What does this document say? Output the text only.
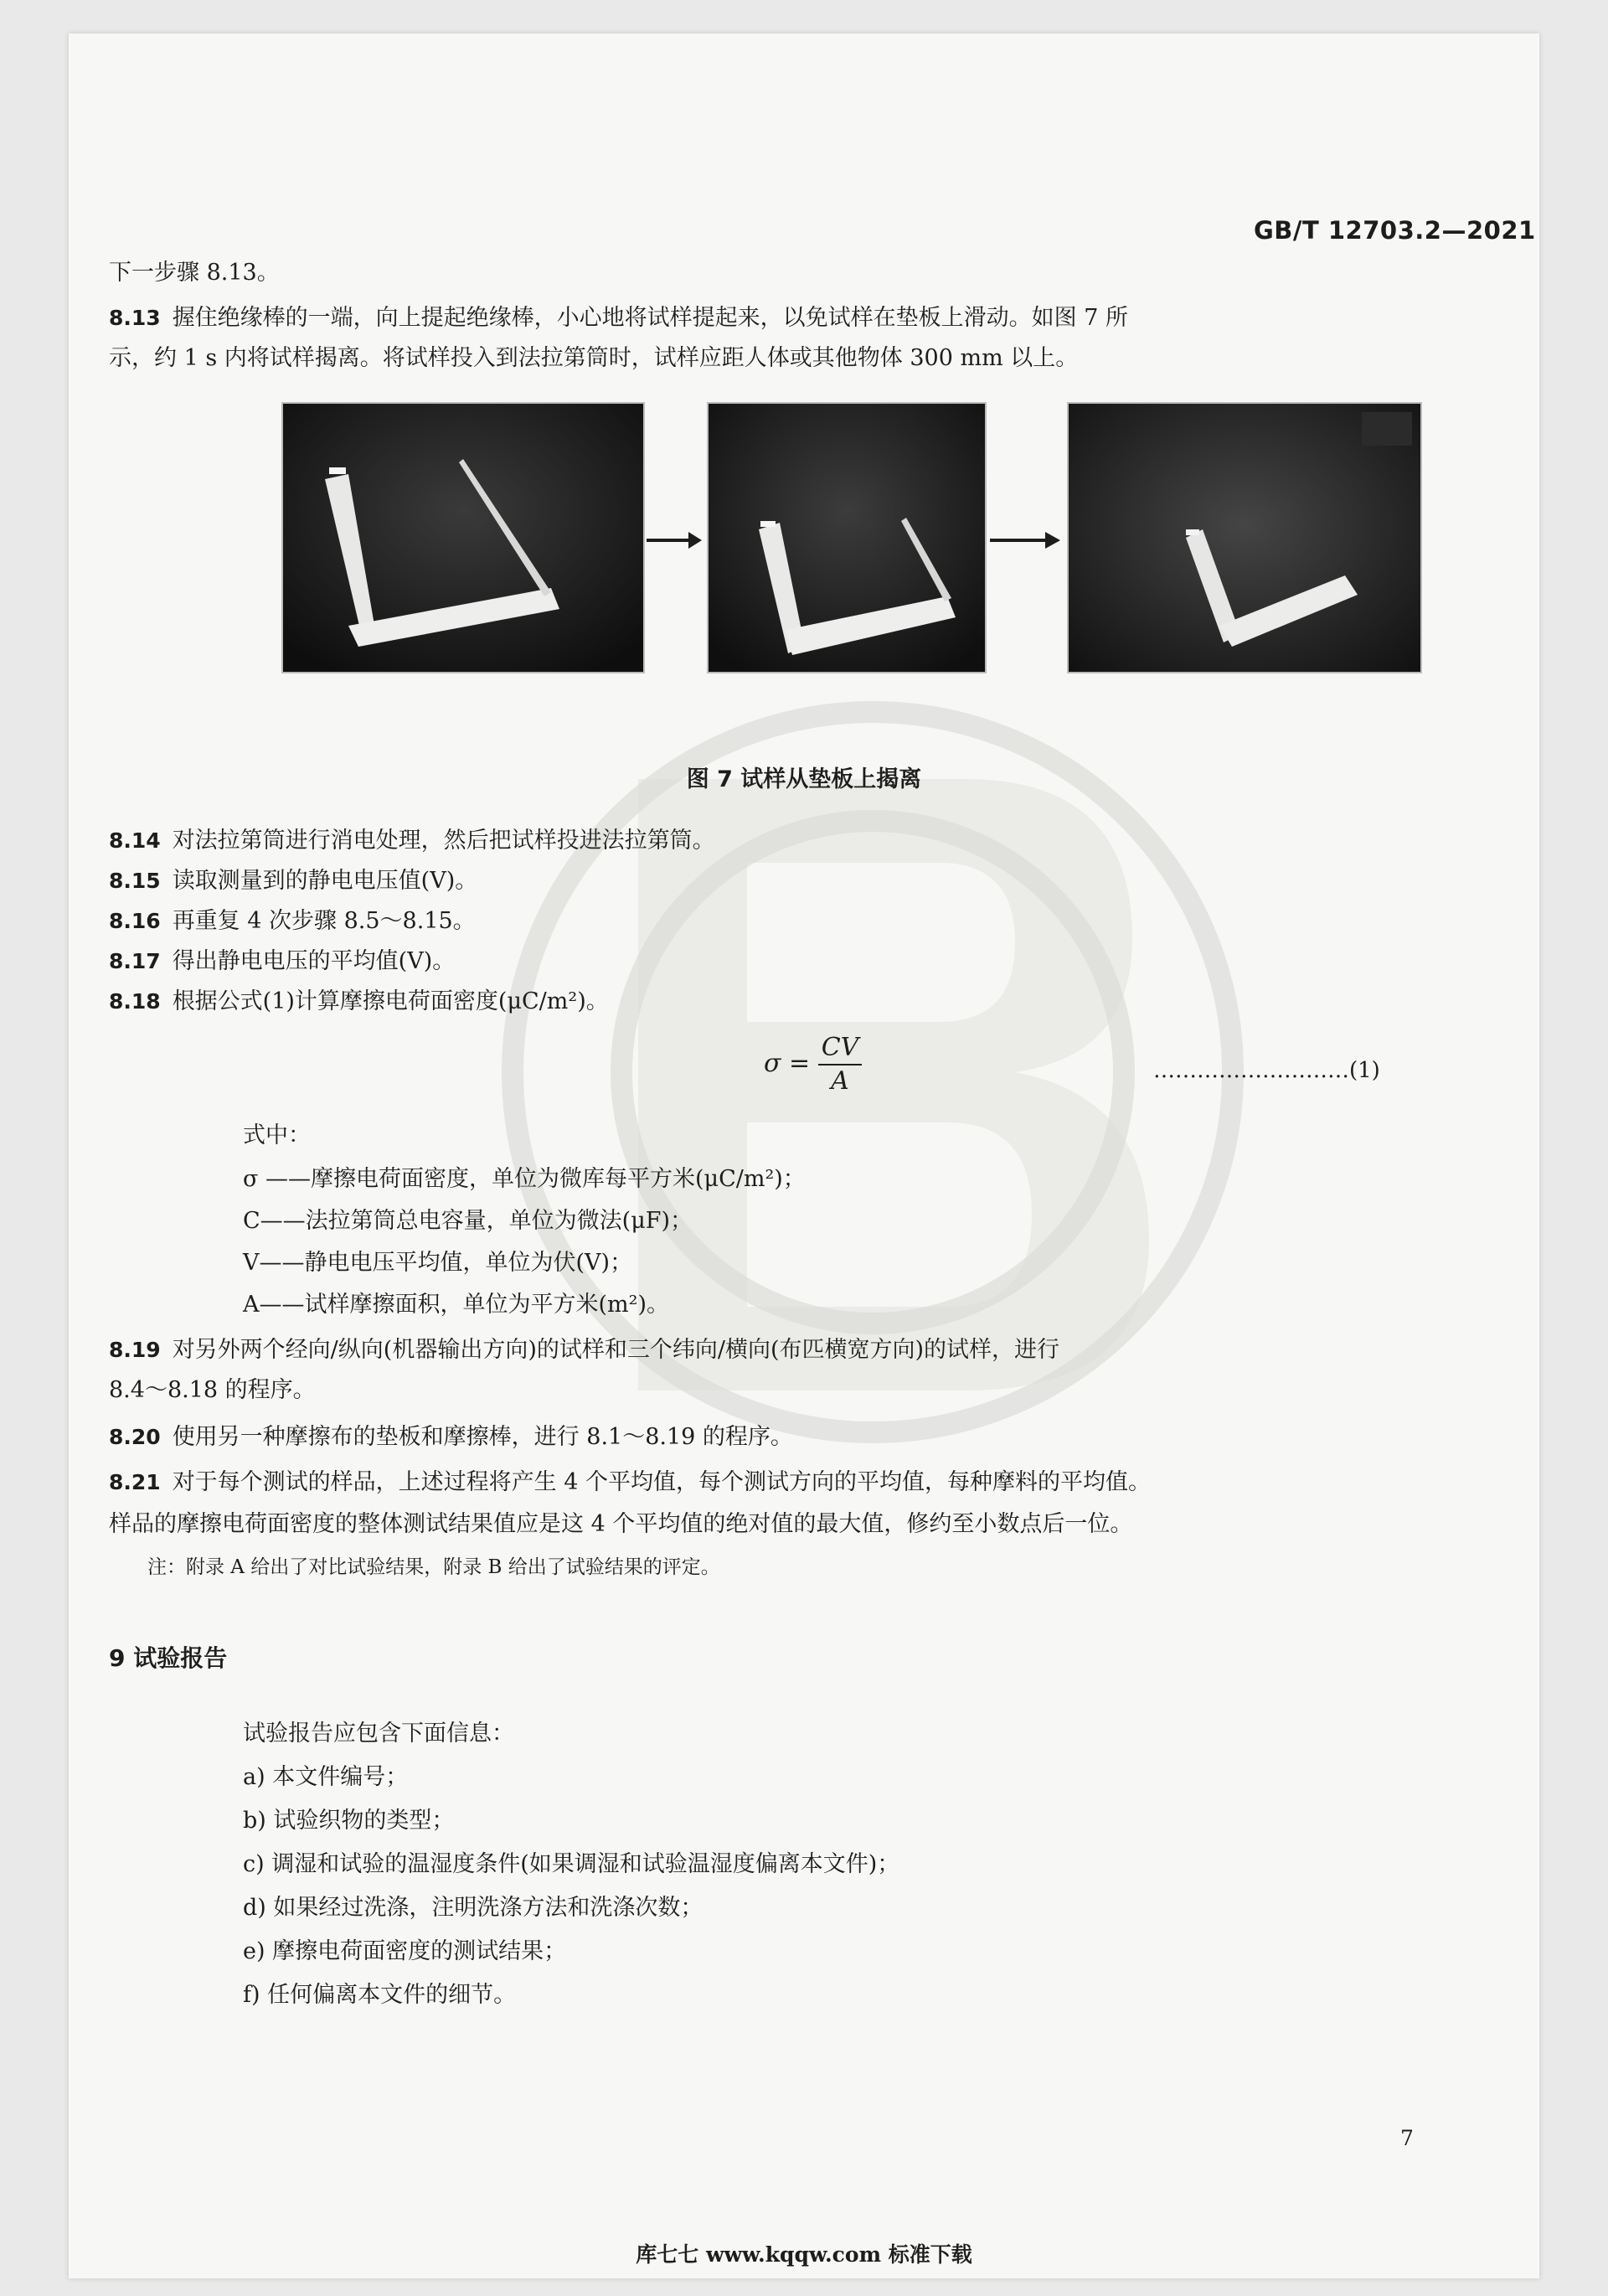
GB/T 12703.2—2021
下一步骤 8.13。
8.13 握住绝缘棒的一端，向上提起绝缘棒，小心地将试样提起来，以免试样在垫板上滑动。如图 7 所
示，约 1 s 内将试样揭离。将试样投入到法拉第筒时，试样应距人体或其他物体 300 mm 以上。
图 7 试样从垫板上揭离
8.14 对法拉第筒进行消电处理，然后把试样投进法拉第筒。
8.15 读取测量到的静电电压值(V)。
8.16 再重复 4 次步骤 8.5～8.15。
8.17 得出静电电压的平均值(V)。
8.18 根据公式(1)计算摩擦电荷面密度(μC/m²)。
$\sigma = \frac{CV}{A}$	………………………(1)
式中：
σ ——摩擦电荷面密度，单位为微库每平方米(μC/m²)；
C——法拉第筒总电容量，单位为微法(μF)；
V——静电电压平均值，单位为伏(V)；
A——试样摩擦面积，单位为平方米(m²)。
8.19 对另外两个经向/纵向(机器输出方向)的试样和三个纬向/横向(布匹横宽方向)的试样，进行
8.4～8.18 的程序。
8.20 使用另一种摩擦布的垫板和摩擦棒，进行 8.1～8.19 的程序。
8.21 对于每个测试的样品，上述过程将产生 4 个平均值，每个测试方向的平均值，每种摩料的平均值。
样品的摩擦电荷面密度的整体测试结果值应是这 4 个平均值的绝对值的最大值，修约至小数点后一位。
注：附录 A 给出了对比试验结果，附录 B 给出了试验结果的评定。
9 试验报告
试验报告应包含下面信息：
a) 本文件编号；
b) 试验织物的类型；
c) 调湿和试验的温湿度条件(如果调湿和试验温湿度偏离本文件)；
d) 如果经过洗涤，注明洗涤方法和洗涤次数；
e) 摩擦电荷面密度的测试结果；
f) 任何偏离本文件的细节。
7
库七七 www.kqqw.com 标准下载
